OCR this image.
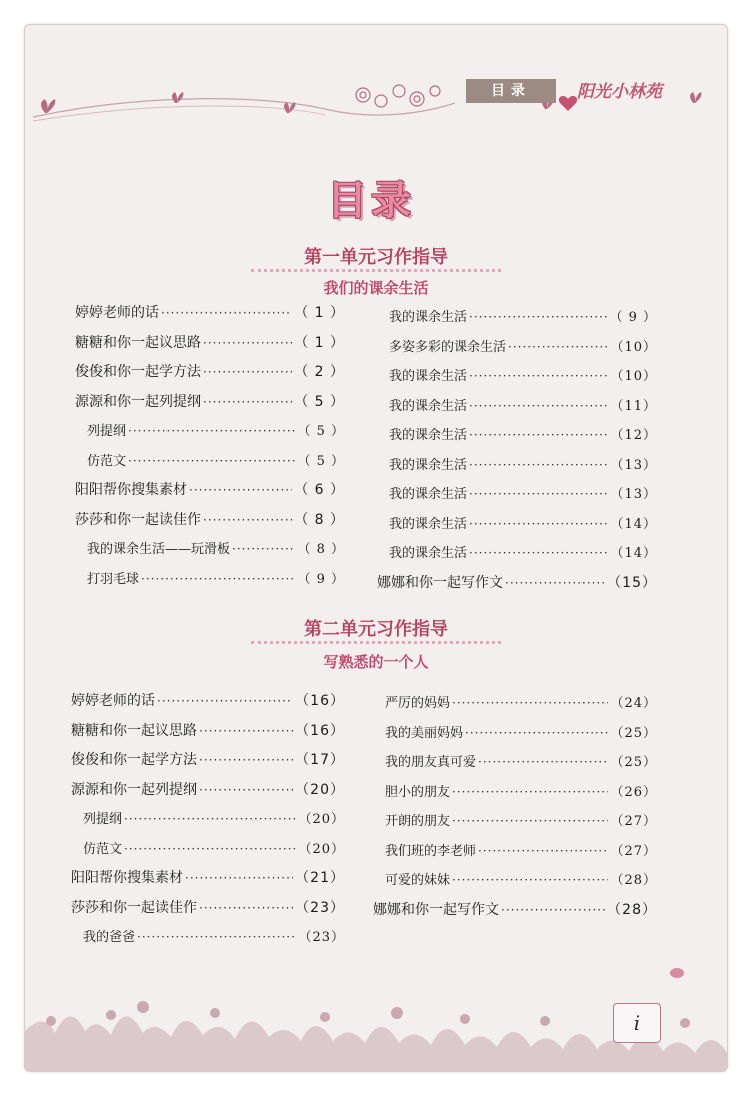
目录	阳光小林苑
目录
第一单元习作指导
我们的课余生活
婷婷老师的话 ·····	（ 1 ）
糖糖和你一起议思路 ·····	（ 1 ）
俊俊和你一起学方法 ·····	（ 2 ）
源源和你一起列提纲 ·····	（ 5 ）
列提纲 ·····	（ 5 ）
仿范文 ·····	（ 5 ）
阳阳帮你搜集素材 ·····	（ 6 ）
莎莎和你一起读佳作 ·····	（ 8 ）
我的课余生活——玩滑板 ·····	（ 8 ）
打羽毛球 ·····	（ 9 ）
我的课余生活 ·····	（ 9 ）
多姿多彩的课余生活 ·····	（10）
我的课余生活 ·····	（10）
我的课余生活 ·····	（11）
我的课余生活 ·····	（12）
我的课余生活 ·····	（13）
我的课余生活 ·····	（13）
我的课余生活 ·····	（14）
我的课余生活 ·····	（14）
娜娜和你一起写作文 ·····	（15）
第二单元习作指导
写熟悉的一个人
婷婷老师的话 ·····	（16）
糖糖和你一起议思路 ·····	（16）
俊俊和你一起学方法 ·····	（17）
源源和你一起列提纲 ·····	（20）
列提纲 ·····	（20）
仿范文 ·····	（20）
阳阳帮你搜集素材 ·····	（21）
莎莎和你一起读佳作 ·····	（23）
我的爸爸 ·····	（23）
严厉的妈妈 ·····	（24）
我的美丽妈妈 ·····	（25）
我的朋友真可爱 ·····	（25）
胆小的朋友 ·····	（26）
开朗的朋友 ·····	（27）
我们班的李老师 ·····	（27）
可爱的妹妹 ·····	（28）
娜娜和你一起写作文 ·····	（28）
i
